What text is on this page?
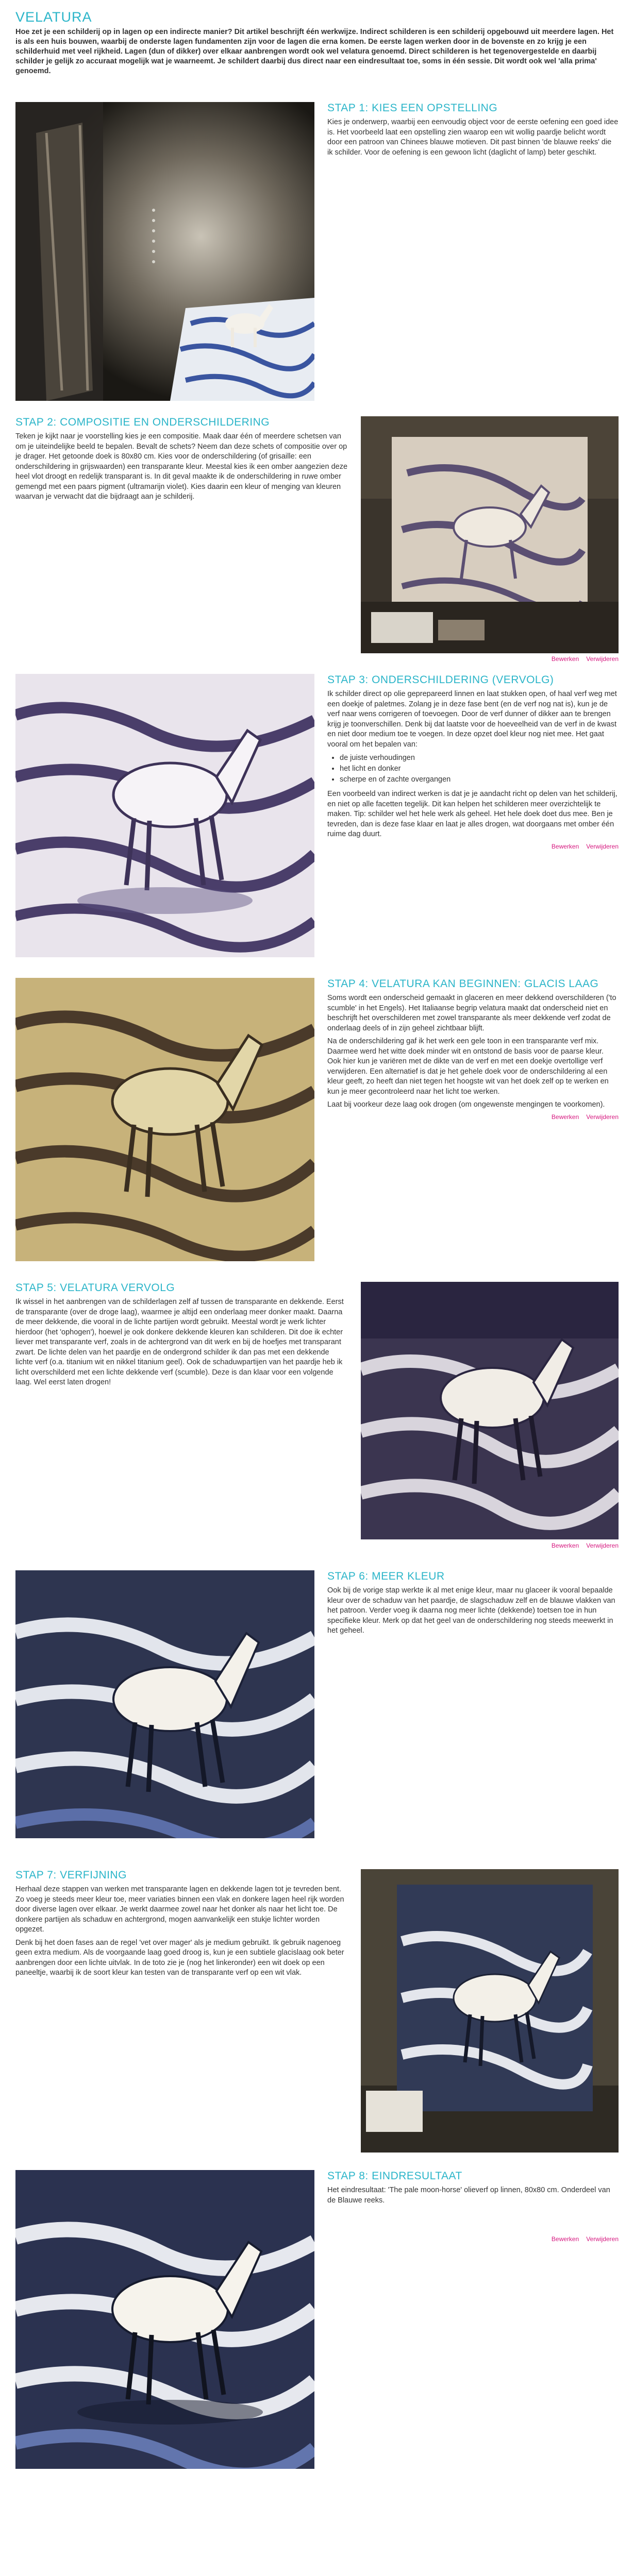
VELATURA

Hoe zet je een schilderij op in lagen op een indirecte manier? Dit artikel beschrijft één werkwijze. Indirect schilderen is een schilderij opgebouwd uit meerdere lagen. Het is als een huis bouwen, waarbij de onderste lagen fundamenten zijn voor de lagen die erna komen. De eerste lagen werken door in de bovenste en zo krijg je een schilderhuid met veel rijkheid. Lagen (dun of dikker) over elkaar aanbrengen wordt ook wel velatura genoemd. Direct schilderen is het tegenovergestelde en daarbij schilder je gelijk zo accuraat mogelijk wat je waarneemt. Je schildert daarbij dus direct naar een eindresultaat toe, soms in één sessie. Dit wordt ook wel 'alla prima' genoemd.

STAP 1: KIES EEN OPSTELLING

Kies je onderwerp, waarbij een eenvoudig object voor de eerste oefening een goed idee is. Het voorbeeld laat een opstelling zien waarop een wit wollig paardje belicht wordt door een patroon van Chinees blauwe motieven. Dit past binnen 'de blauwe reeks' die ik schilder. Voor de oefening is een gewoon licht (daglicht of lamp) beter geschikt.

Bewerken Verwijderen
STAP 2: COMPOSITIE EN ONDERSCHILDERING

Teken je kijkt naar je voorstelling kies je een compositie. Maak daar één of meerdere schetsen van om je uiteindelijke beeld te bepalen. Bevalt de schets? Neem dan deze schets of compositie over op je drager. Het getoonde doek is 80x80 cm. Kies voor de onderschildering (of grisaille: een onderschildering in grijswaarden) een transparante kleur. Meestal kies ik een omber aangezien deze heel vlot droogt en redelijk transparant is. In dit geval maakte ik de onderschildering in ruwe omber gemengd met een paars pigment (ultramarijn violet). Kies daarin een kleur of menging van kleuren waarvan je verwacht dat die bijdraagt aan je schilderij.

STAP 3: ONDERSCHILDERING (VERVOLG)

Ik schilder direct op olie geprepareerd linnen en laat stukken open, of haal verf weg met een doekje of paletmes. Zolang je in deze fase bent (en de verf nog nat is), kun je de verf naar wens corrigeren of toevoegen. Door de verf dunner of dikker aan te brengen krijg je toonverschillen. Denk bij dat laatste voor de hoeveelheid van de verf in de kwast en niet door medium toe te voegen. In deze opzet doel kleur nog niet mee. Het gaat vooral om het bepalen van:

• de juiste verhoudingen
• het licht en donker
• scherpe en of zachte overgangen

Een voorbeeld van indirect werken is dat je je aandacht richt op delen van het schilderij, en niet op alle facetten tegelijk. Dit kan helpen het schilderen meer overzichtelijk te maken. Tip: schilder wel het hele werk als geheel. Het hele doek doet dus mee. Ben je tevreden, dan is deze fase klaar en laat je alles drogen, wat doorgaans met omber één ruime dag duurt.

Bewerken Verwijderen
STAP 4: VELATURA KAN BEGINNEN: GLACIS LAAG

Soms wordt een onderscheid gemaakt in glaceren en meer dekkend overschilderen ('to scumble' in het Engels). Het Italiaanse begrip velatura maakt dat onderscheid niet en beschrijft het overschilderen met zowel transparante als meer dekkende verf zodat de onderlaag deels of in zijn geheel zichtbaar blijft.

Na de onderschildering gaf ik het werk een gele toon in een transparante verf mix. Daarmee werd het witte doek minder wit en ontstond de basis voor de paarse kleur. Ook hier kun je variëren met de dikte van de verf en met een doekje overtollige verf verwijderen. Een alternatief is dat je het gehele doek voor de onderschildering al een kleur geeft, zo heeft dan niet tegen het hoogste wit van het doek zelf op te werken en kun je meer gecontroleerd naar het licht toe werken.

Laat bij voorkeur deze laag ook drogen (om ongewenste mengingen te voorkomen).

Bewerken Verwijderen
Bewerken Verwijderen
STAP 5: VELATURA VERVOLG

Ik wissel in het aanbrengen van de schilderlagen zelf af tussen de transparante en dekkende. Eerst de transparante (over de droge laag), waarmee je altijd een onderlaag meer donker maakt. Daarna de meer dekkende, die vooral in de lichte partijen wordt gebruikt. Meestal wordt je werk lichter hierdoor (het 'ophogen'), hoewel je ook donkere dekkende kleuren kan schilderen. Dit doe ik echter liever met transparante verf, zoals in de achtergrond van dit werk en bij de hoefjes met transparant zwart. De lichte delen van het paardje en de ondergrond schilder ik dan pas met een dekkende lichte verf (o.a. titanium wit en nikkel titanium geel). Ook de schaduwpartijen van het paardje heb ik licht overschilderd met een lichte dekkende verf (scumble). Deze is dan klaar voor een volgende laag. Wel eerst laten drogen!

STAP 6: MEER KLEUR

Ook bij de vorige stap werkte ik al met enige kleur, maar nu glaceer ik vooral bepaalde kleur over de schaduw van het paardje, de slagschaduw zelf en de blauwe vlakken van het patroon. Verder voeg ik daarna nog meer lichte (dekkende) toetsen toe in hun specifieke kleur. Merk op dat het geel van de onderschildering nog steeds meewerkt in het geheel.

STAP 7: VERFIJNING

Herhaal deze stappen van werken met transparante lagen en dekkende lagen tot je tevreden bent. Zo voeg je steeds meer kleur toe, meer variaties binnen een vlak en donkere lagen heel rijk worden door diverse lagen over elkaar. Je werkt daarmee zowel naar het donker als naar het licht toe. De donkere partijen als schaduw en achtergrond, mogen aanvankelijk een stukje lichter worden opgezet.

Denk bij het doen fases aan de regel 'vet over mager' als je medium gebruikt. Ik gebruik nagenoeg geen extra medium. Als de voorgaande laag goed droog is, kun je een subtiele glacislaag ook beter aanbrengen door een lichte uitvlak. In de toto zie je (nog het linkeronder) een wit doek op een paneeltje, waarbij ik de soort kleur kan testen van de transparante verf op een wit vlak.

STAP 8: EINDRESULTAAT

Het eindresultaat: 'The pale moon-horse' olieverf op linnen, 80x80 cm. Onderdeel van de Blauwe reeks.

Bewerken Verwijderen
